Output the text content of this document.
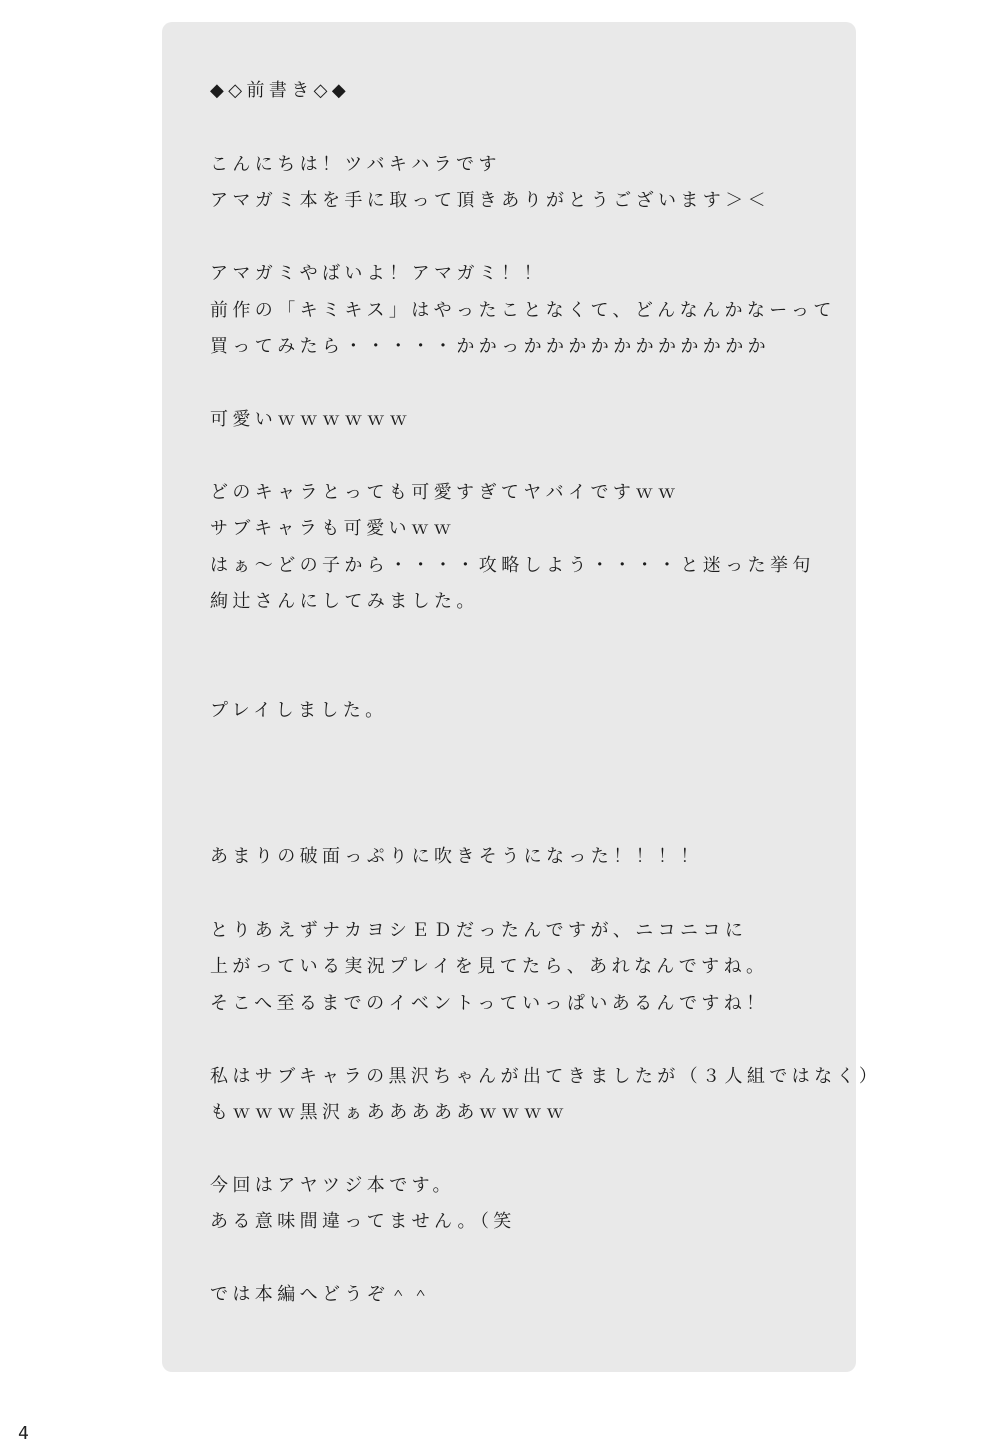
◆◇前書き◇◆
こんにちは！ツバキハラです
アマガミ本を手に取って頂きありがとうございます＞＜
アマガミやばいよ！アマガミ！！
前作の「キミキス」はやったことなくて、どんなんかなーって
買ってみたら・・・・・かかっかかかかかかかかかかか
可愛いｗｗｗｗｗｗ
どのキャラとっても可愛すぎてヤバイですｗｗ
サブキャラも可愛いｗｗ
はぁ～どの子から・・・・攻略しよう・・・・と迷った挙句
絢辻さんにしてみました。
プレイしました。
あまりの破面っぷりに吹きそうになった！！！！
とりあえずナカヨシＥＤだったんですが、ニコニコに
上がっている実況プレイを見てたら、あれなんですね。
そこへ至るまでのイベントっていっぱいあるんですね！
私はサブキャラの黒沢ちゃんが出てきましたが（３人組ではなく）
もｗｗｗ黒沢ぁあああああｗｗｗｗ
今回はアヤツジ本です。
ある意味間違ってません。（笑
では本編へどうぞ＾＾
4
